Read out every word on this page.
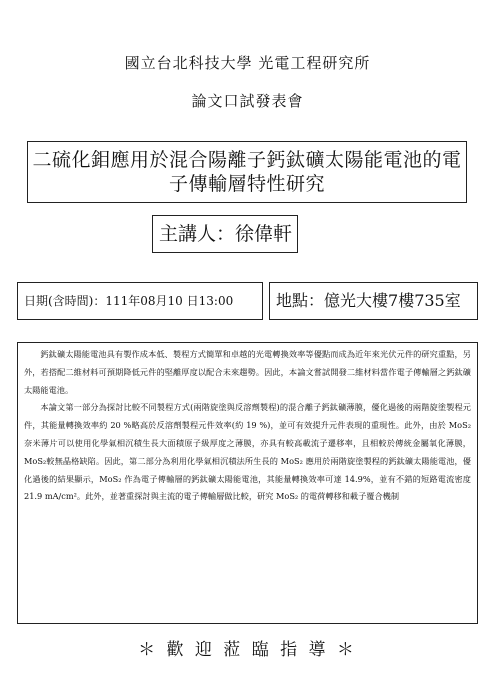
國立台北科技大學 光電工程研究所
論文口試發表會
二硫化鉬應用於混合陽離子鈣鈦礦太陽能電池的電
子傳輸層特性研究
主講人：徐偉軒
日期(含時間)：111年08月10 日13:00	地點：億光大樓7樓735室

鈣鈦礦太陽能電池具有製作成本低、製程方式簡單和卓越的光電轉換效率等優點而成為近年來光伏元件的研究重點，另外，若搭配二維材料可預期降低元件的堅離厚度以配合未來趨勢。因此，本論文嘗試開發二維材料當作電子傳輸層之鈣鈦礦太陽能電池。

本論文第一部分為探討比較不同製程方式(兩階旋塗與反溶劑製程)的混合離子鈣鈦礦薄膜，優化過後的兩階旋塗製程元件，其能量轉換效率約 20 %略高於反溶劑製程元件效率(約 19 %)，並可有效提升元件表現的重現性。此外，由於 MoS₂ 奈米薄片可以使用化學氣相沉積生長大面積原子級厚度之薄膜，亦具有較高載流子遷移率，且相較於傳統金屬氧化薄膜，MoS₂較無晶格缺陷。因此，第二部分為利用化學氣相沉積法所生長的 MoS₂ 應用於兩階旋塗製程的鈣鈦礦太陽能電池，優化過後的結果顯示，MoS₂ 作為電子傳輸層的鈣鈦礦太陽能電池，其能量轉換效率可達 14.9%，並有不錯的短路電流密度 21.9 mA/cm²。此外，並著重探討與主流的電子傳輸層做比較，研究 MoS₂ 的電荷轉移和載子覆合機制

＊ 歡 迎 蒞 臨 指 導 ＊
